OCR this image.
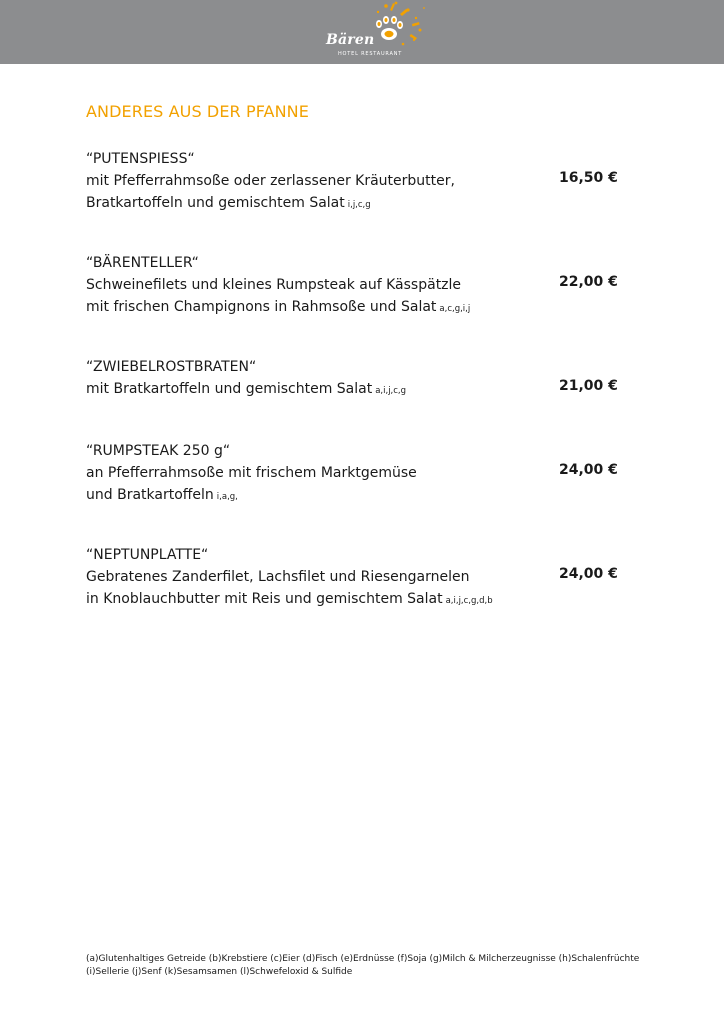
Bären
HOTEL RESTAURANT
ANDERES AUS DER PFANNE
“PUTENSPIESS“
mit Pfefferrahmsoße oder zerlassener Kräuterbutter,
Bratkartoffeln und gemischtem Salat i,j,c,g
16,50 €
“BÄRENTELLER“
Schweinefilets und kleines Rumpsteak auf Kässpätzle
mit frischen Champignons in Rahmsoße und Salat a,c,g,i,j
22,00 €
“ZWIEBELROSTBRATEN“
mit Bratkartoffeln und gemischtem Salat a,i,j,c,g	21,00 €
“RUMPSTEAK 250 g“
an Pfefferrahmsoße mit frischem Marktgemüse
und Bratkartoffeln i,a,g,
24,00 €
“NEPTUNPLATTE“
Gebratenes Zanderfilet, Lachsfilet und Riesengarnelen
in Knoblauchbutter mit Reis und gemischtem Salat a,i,j,c,g,d,b
24,00 €
(a)Glutenhaltiges Getreide (b)Krebstiere (c)Eier (d)Fisch (e)Erdnüsse (f)Soja (g)Milch & Milcherzeugnisse (h)Schalenfrüchte
(i)Sellerie (j)Senf (k)Sesamsamen (l)Schwefeloxid & Sulfide
